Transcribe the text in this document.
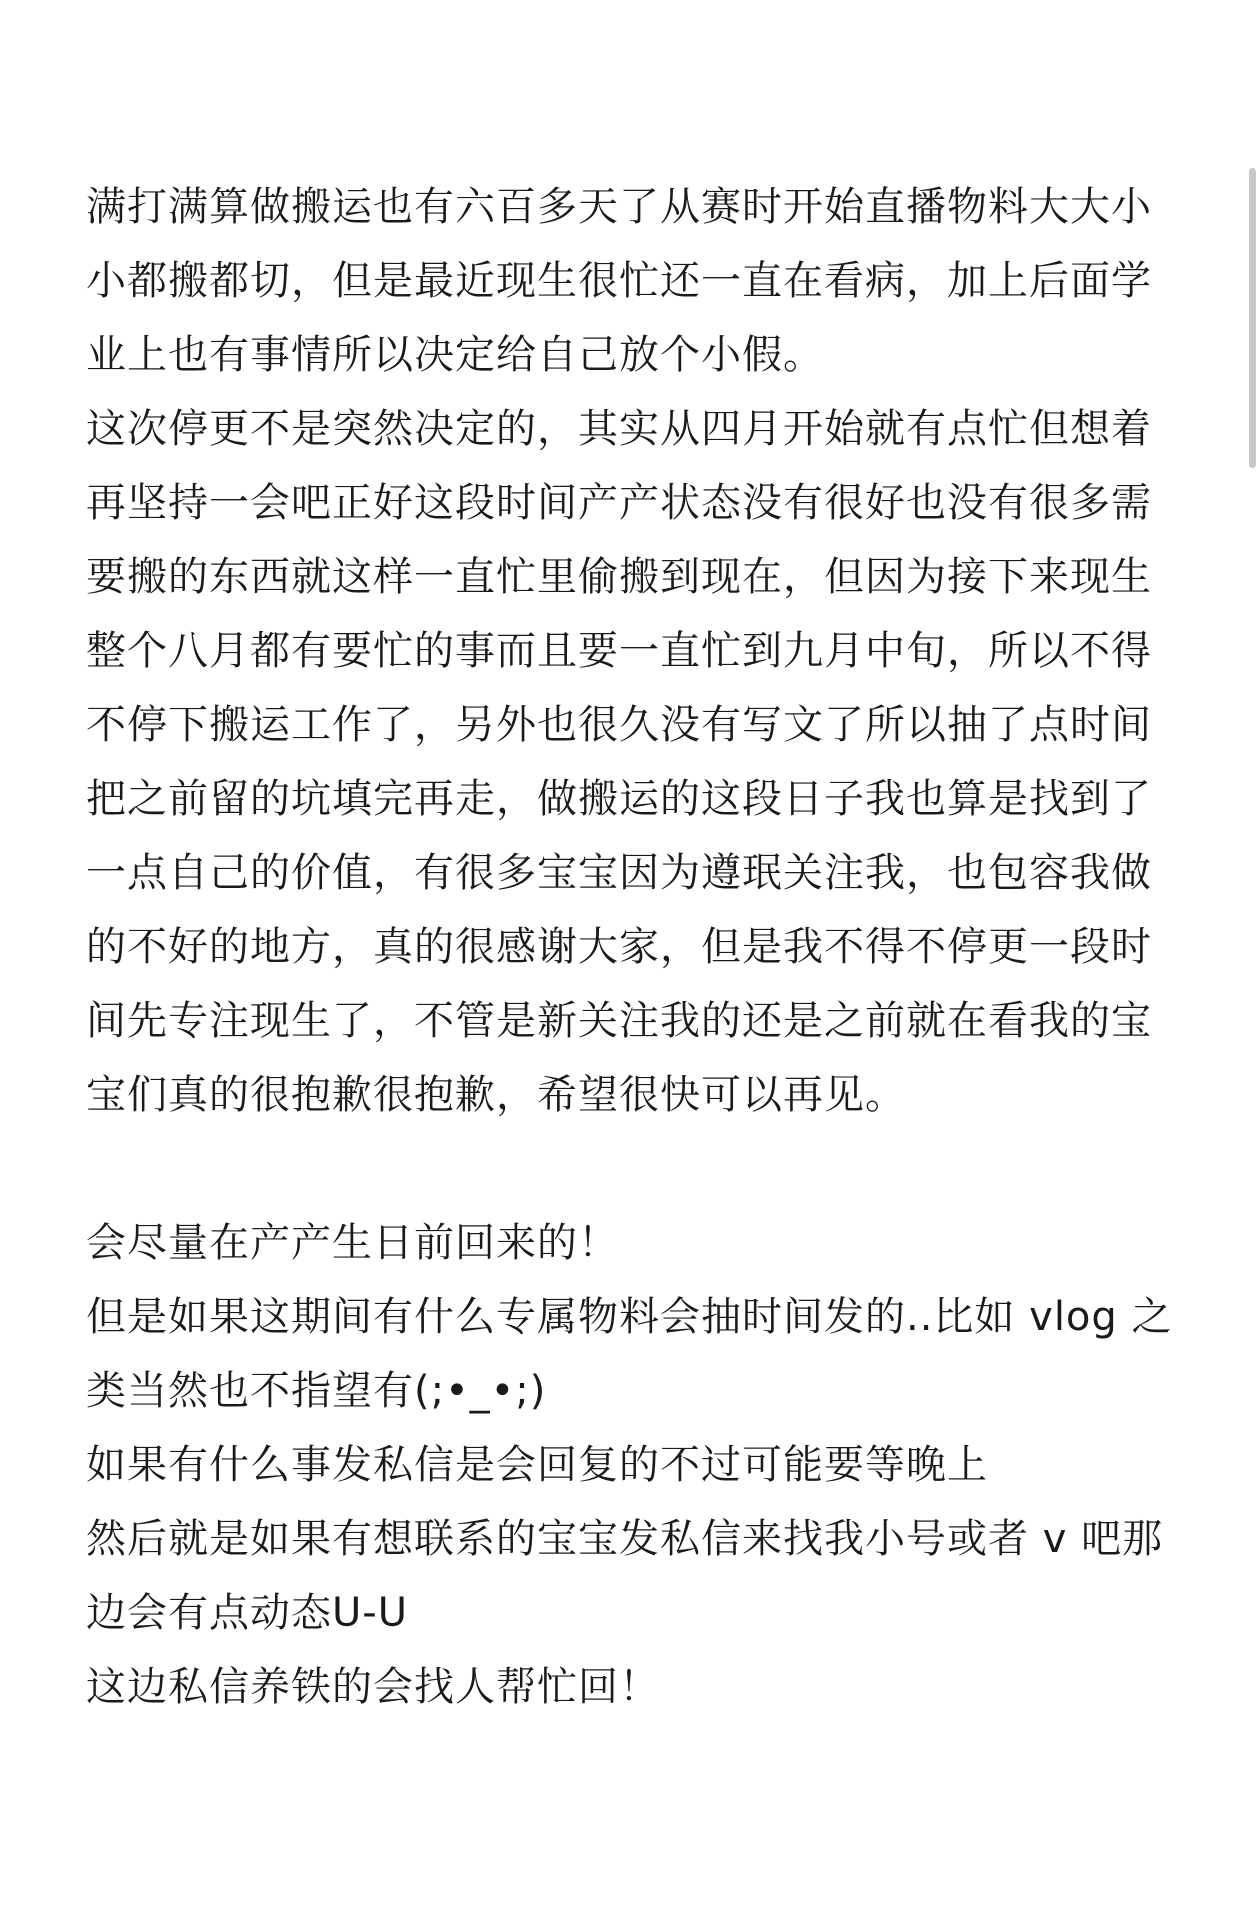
满打满算做搬运也有六百多天了从赛时开始直播物料大大小
小都搬都切，但是最近现生很忙还一直在看病，加上后面学
业上也有事情所以决定给自己放个小假。

这次停更不是突然决定的，其实从四月开始就有点忙但想着
再坚持一会吧正好这段时间产产状态没有很好也没有很多需
要搬的东西就这样一直忙里偷搬到现在，但因为接下来现生
整个八月都有要忙的事而且要一直忙到九月中旬，所以不得
不停下搬运工作了，另外也很久没有写文了所以抽了点时间
把之前留的坑填完再走，做搬运的这段日子我也算是找到了
一点自己的价值，有很多宝宝因为遵珉关注我，也包容我做
的不好的地方，真的很感谢大家，但是我不得不停更一段时
间先专注现生了，不管是新关注我的还是之前就在看我的宝
宝们真的很抱歉很抱歉，希望很快可以再见。

会尽量在产产生日前回来的！
但是如果这期间有什么专属物料会抽时间发的..比如 vlog 之
类当然也不指望有(;•_•;)
如果有什么事发私信是会回复的不过可能要等晚上
然后就是如果有想联系的宝宝发私信来找我小号或者 v 吧那
边会有点动态ᑌ-ᑌ
这边私信养铁的会找人帮忙回！
